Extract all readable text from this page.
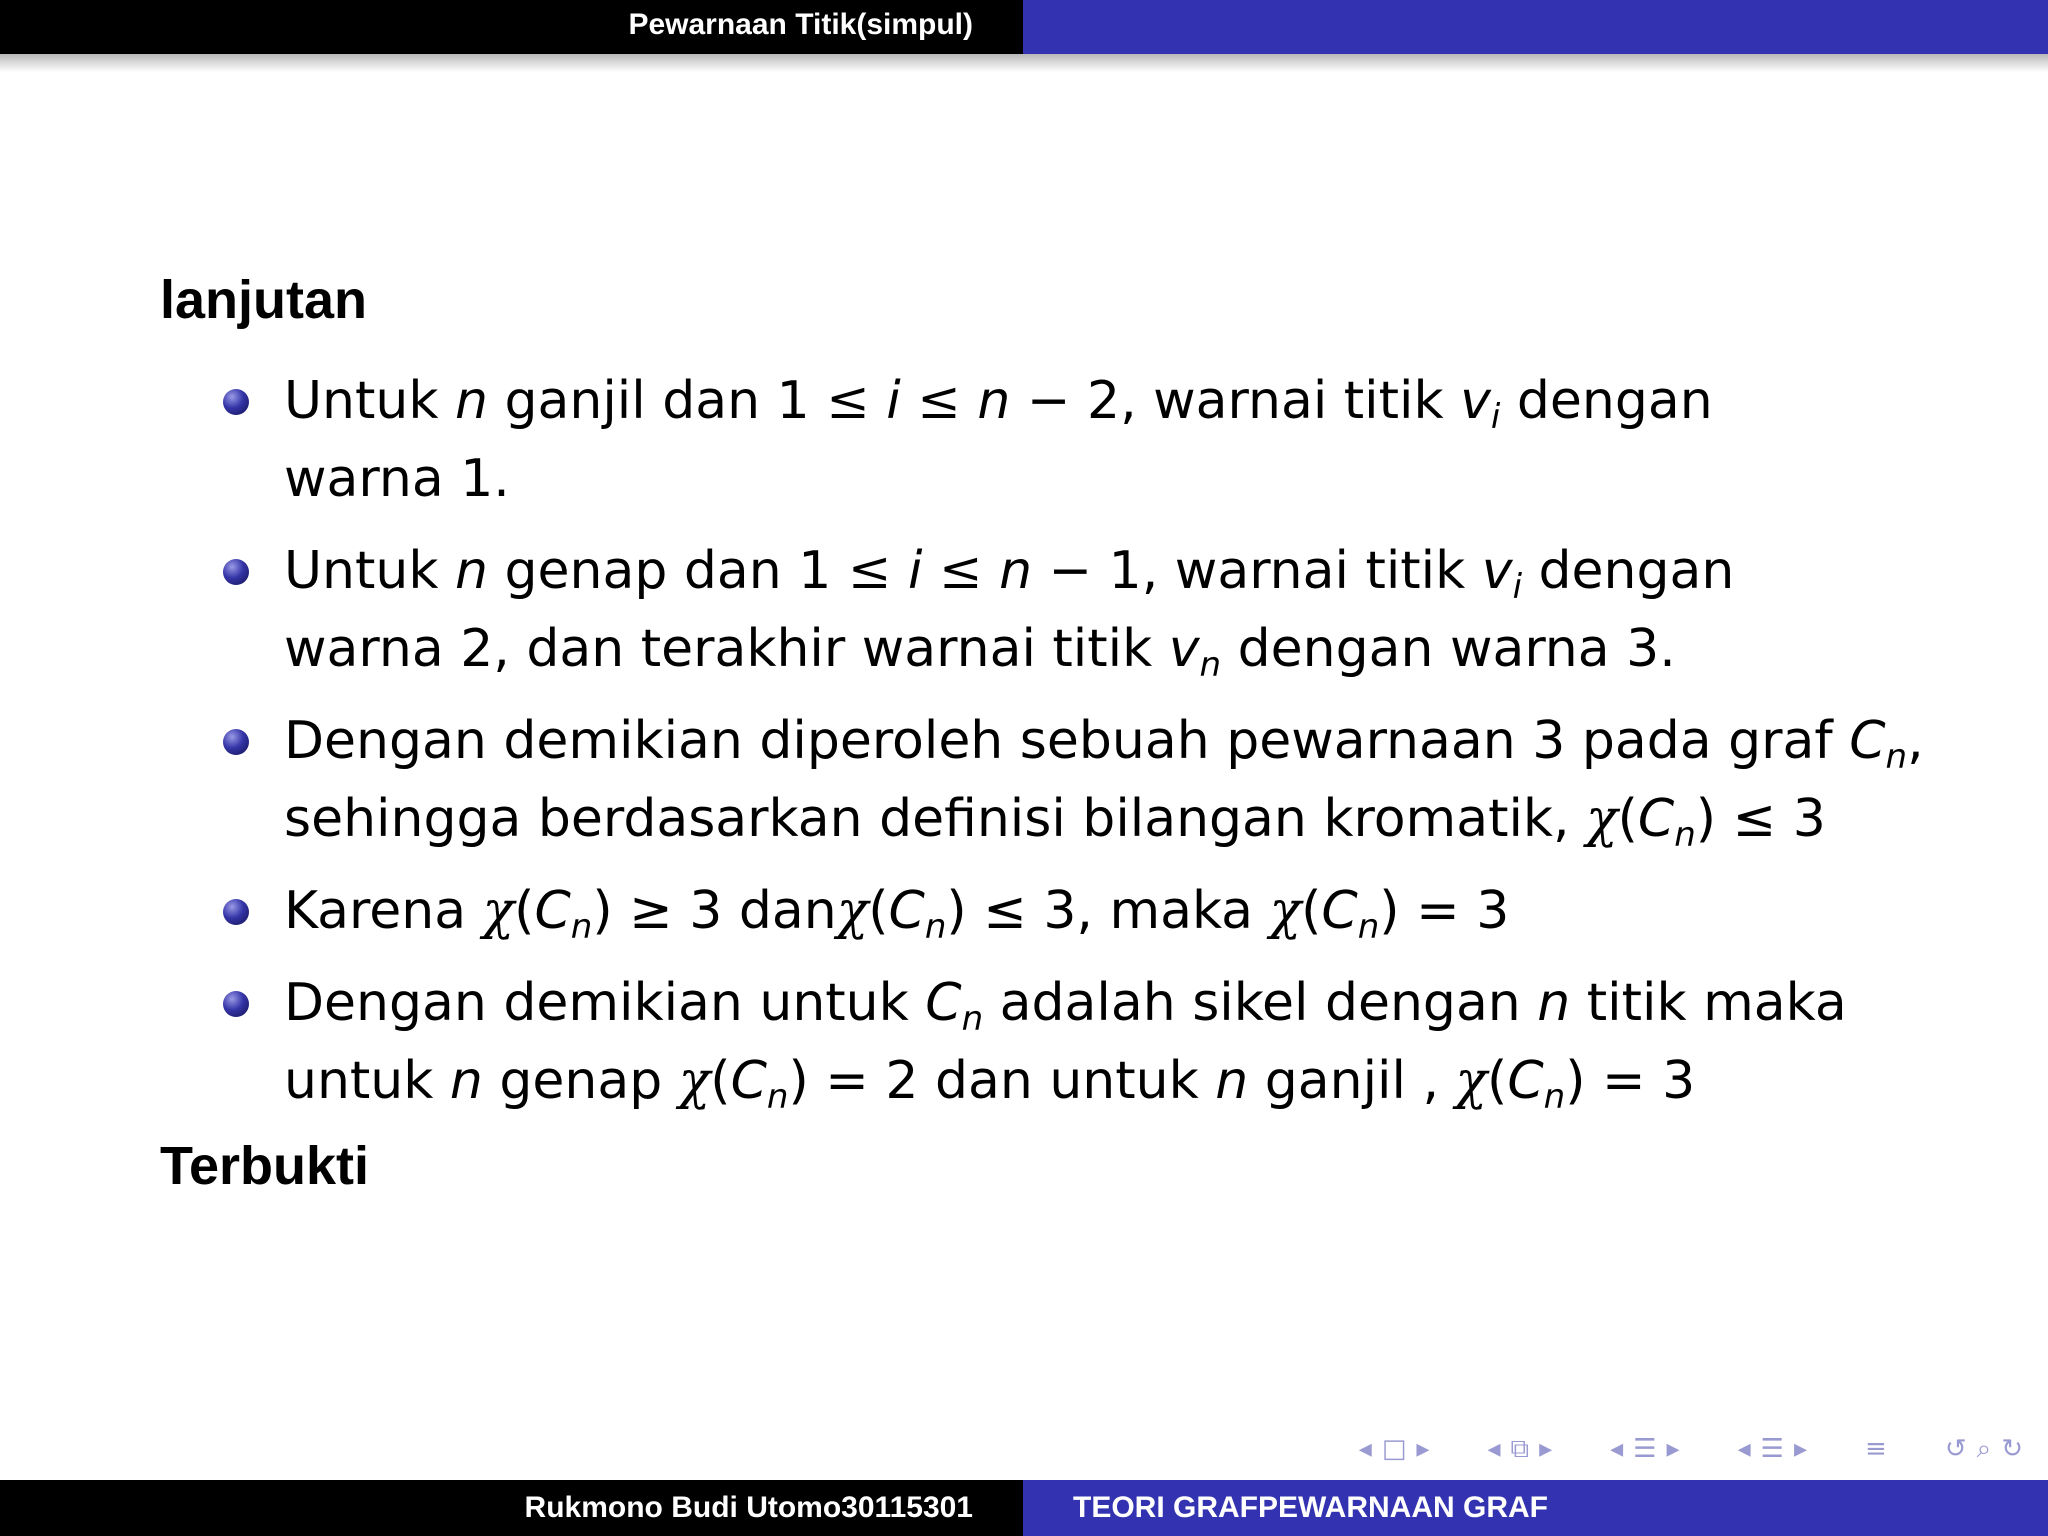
Pewarnaan Titik(simpul)
lanjutan
Untuk n ganjil dan 1 ≤ i ≤ n − 2, warnai titik $v_i$ dengan
warna 1.
Untuk n genap dan 1 ≤ i ≤ n − 1, warnai titik $v_i$ dengan
warna 2, dan terakhir warnai titik $v_n$ dengan warna 3.
Dengan demikian diperoleh sebuah pewarnaan 3 pada graf $C_n$,
sehingga berdasarkan definisi bilangan kromatik, $\chi(C_n) \le 3$
Karena $\chi(C_n) \ge 3$ $dan\chi(C_n) \le 3$, maka $\chi(C_n) = 3$
Dengan demikian untuk $C_n$ adalah sikel dengan n titik maka
untuk n genap $\chi(C_n) = 2$ dan untuk n ganjil , $\chi(C_n) = 3$
Terbukti
◂ □ ▸ ◂ ⧉ ▸ ◂ ☰ ▸ ◂ ☰ ▸ ≡ ↺ ⌕ ↻
Rukmono Budi Utomo30115301	TEORI GRAFPEWARNAAN GRAF
